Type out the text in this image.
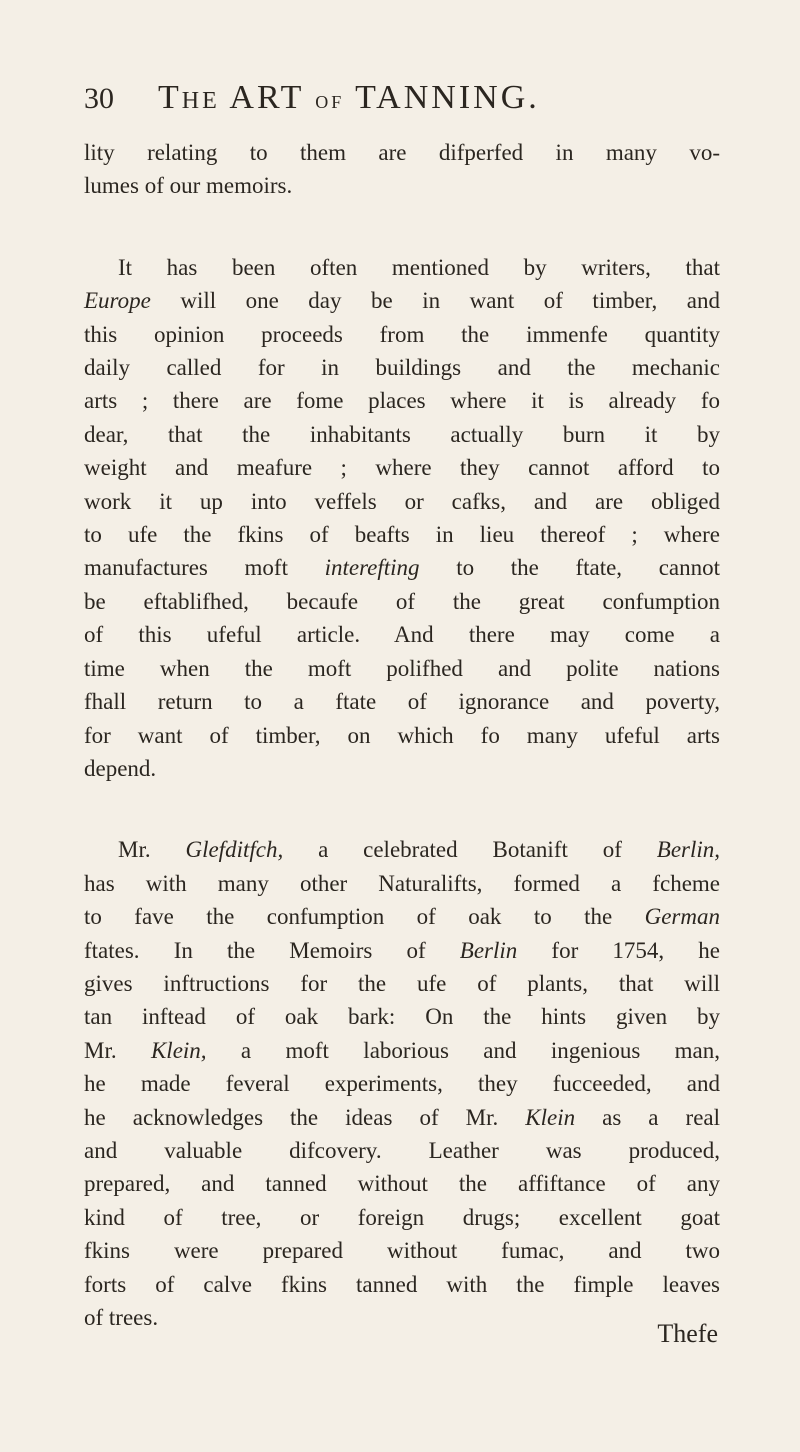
30 The ART of TANNING.

lity relating to them are difperfed in many vo-
lumes of our memoirs.

It has been often mentioned by writers, that
Europe will one day be in want of timber, and
this opinion proceeds from the immenfe quantity
daily called for in buildings and the mechanic
arts ; there are fome places where it is already fo
dear, that the inhabitants actually burn it by
weight and meafure ; where they cannot afford to
work it up into veffels or cafks, and are obliged
to ufe the fkins of beafts in lieu thereof ; where
manufactures moft interefting to the ftate, cannot
be eftablifhed, becaufe of the great confumption
of this ufeful article. And there may come a
time when the moft polifhed and polite nations
fhall return to a ftate of ignorance and poverty,
for want of timber, on which fo many ufeful arts
depend.

Mr. Glefditfch, a celebrated Botanift of Berlin,
has with many other Naturalifts, formed a fcheme
to fave the confumption of oak to the German
ftates. In the Memoirs of Berlin for 1754, he
gives inftructions for the ufe of plants, that will
tan inftead of oak bark: On the hints given by
Mr. Klein, a moft laborious and ingenious man,
he made feveral experiments, they fucceeded, and
he acknowledges the ideas of Mr. Klein as a real
and valuable difcovery. Leather was produced,
prepared, and tanned without the affiftance of any
kind of tree, or foreign drugs; excellent goat
fkins were prepared without fumac, and two
forts of calve fkins tanned with the fimple leaves
of trees.

Thefe
